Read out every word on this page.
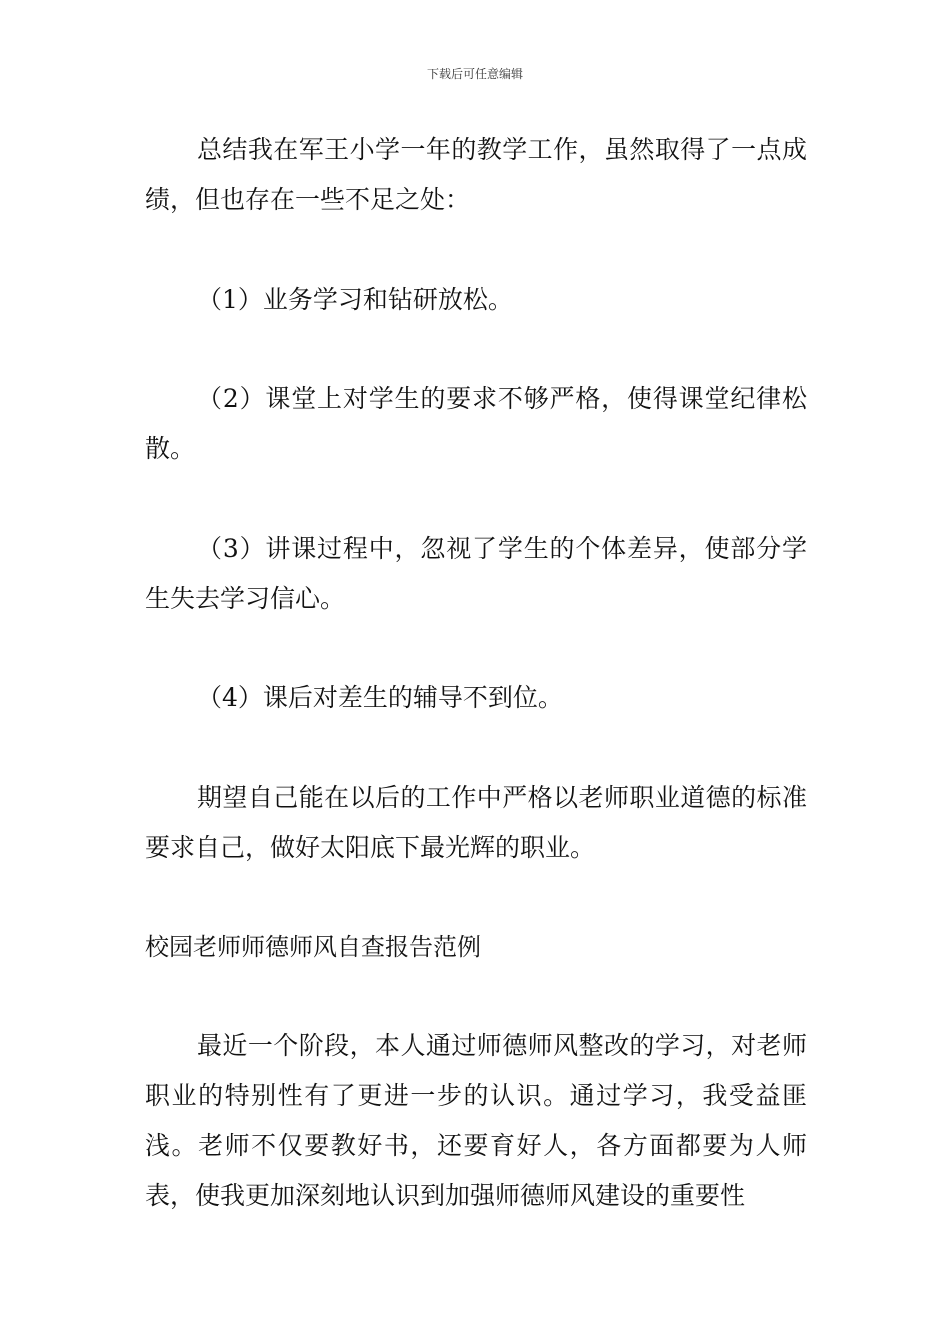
下载后可任意编辑

总结我在军王小学一年的教学工作，虽然取得了一点成绩，但也存在一些不足之处：

（1）业务学习和钻研放松。

（2）课堂上对学生的要求不够严格，使得课堂纪律松散。

（3）讲课过程中，忽视了学生的个体差异，使部分学生失去学习信心。

（4）课后对差生的辅导不到位。

期望自己能在以后的工作中严格以老师职业道德的标准要求自己，做好太阳底下最光辉的职业。

校园老师师德师风自查报告范例

最近一个阶段，本人通过师德师风整改的学习，对老师职业的特别性有了更进一步的认识。通过学习，我受益匪浅。老师不仅要教好书，还要育好人，各方面都要为人师表，使我更加深刻地认识到加强师德师风建设的重要性
